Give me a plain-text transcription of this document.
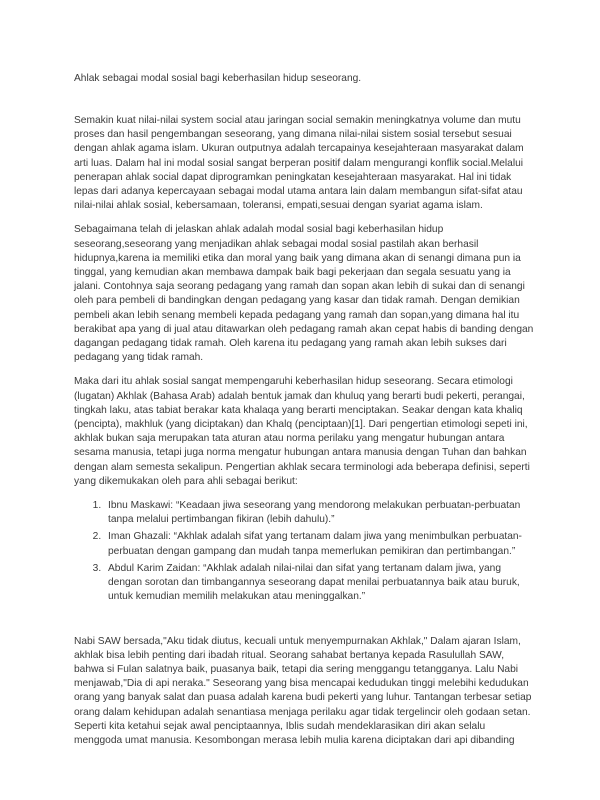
Ahlak sebagai modal sosial bagi keberhasilan hidup seseorang.

Semakin kuat nilai-nilai system social atau jaringan social semakin meningkatnya volume dan mutu proses dan hasil pengembangan seseorang, yang dimana nilai-nilai sistem sosial tersebut sesuai dengan ahlak agama islam. Ukuran outputnya adalah tercapainya kesejahteraan masyarakat dalam arti luas. Dalam hal ini modal sosial sangat berperan positif dalam mengurangi konflik social.Melalui penerapan ahlak social dapat diprogramkan peningkatan kesejahteraan masyarakat. Hal ini tidak lepas dari adanya kepercayaan sebagai modal utama antara lain dalam membangun sifat-sifat atau nilai-nilai ahlak sosial, kebersamaan, toleransi, empati,sesuai dengan syariat agama islam.

Sebagaimana telah di jelaskan ahlak adalah modal sosial bagi keberhasilan hidup seseorang,seseorang yang menjadikan ahlak sebagai modal sosial pastilah akan berhasil hidupnya,karena ia memiliki etika dan moral yang baik yang dimana akan di senangi dimana pun ia tinggal, yang kemudian akan membawa dampak baik bagi pekerjaan dan segala sesuatu yang ia jalani. Contohnya saja seorang pedagang yang ramah dan sopan akan lebih di sukai dan di senangi oleh para pembeli di bandingkan dengan pedagang yang kasar dan tidak ramah. Dengan demikian pembeli akan lebih senang membeli kepada pedagang yang ramah dan sopan,yang dimana hal itu berakibat apa yang di jual atau ditawarkan oleh pedagang ramah akan cepat habis di banding dengan dagangan pedagang tidak ramah. Oleh karena itu pedagang yang ramah akan lebih sukses dari pedagang yang tidak ramah.

Maka dari itu ahlak sosial sangat mempengaruhi keberhasilan hidup seseorang. Secara etimologi (lugatan) Akhlak (Bahasa Arab) adalah bentuk jamak dan khuluq yang berarti budi pekerti, perangai, tingkah laku, atas tabiat berakar kata khalaqa yang berarti menciptakan. Seakar dengan kata khaliq (pencipta), makhluk (yang diciptakan) dan Khalq (penciptaan)[1]. Dari pengertian etimologi sepeti ini, akhlak bukan saja merupakan tata aturan atau norma perilaku yang mengatur hubungan antara sesama manusia, tetapi juga norma mengatur hubungan antara manusia dengan Tuhan dan bahkan dengan alam semesta sekalipun. Pengertian akhlak secara terminologi ada beberapa definisi, seperti yang dikemukakan oleh para ahli sebagai berikut:

1. Ibnu Maskawi: “Keadaan jiwa seseorang yang mendorong melakukan perbuatan-perbuatan tanpa melalui pertimbangan fikiran (lebih dahulu).”
2. Iman Ghazali: “Akhlak adalah sifat yang tertanam dalam jiwa yang menimbulkan perbuatan-perbuatan dengan gampang dan mudah tanpa memerlukan pemikiran dan pertimbangan.”
3. Abdul Karim Zaidan: “Akhlak adalah nilai-nilai dan sifat yang tertanam dalam jiwa, yang dengan sorotan dan timbangannya seseorang dapat menilai perbuatannya baik atau buruk, untuk kemudian memilih melakukan atau meninggalkan.”

Nabi SAW bersada,"Aku tidak diutus, kecuali untuk menyempurnakan Akhlak," Dalam ajaran Islam, akhlak bisa lebih penting dari ibadah ritual. Seorang sahabat bertanya kepada Rasulullah SAW, bahwa si Fulan salatnya baik, puasanya baik, tetapi dia sering menggangu tetangganya. Lalu Nabi menjawab,"Dia di api neraka." Seseorang yang bisa mencapai kedudukan tinggi melebihi kedudukan orang yang banyak salat dan puasa adalah karena budi pekerti yang luhur. Tantangan terbesar setiap orang dalam kehidupan adalah senantiasa menjaga perilaku agar tidak tergelincir oleh godaan setan. Seperti kita ketahui sejak awal penciptaannya, Iblis sudah mendeklarasikan diri akan selalu menggoda umat manusia. Kesombongan merasa lebih mulia karena diciptakan dari api dibanding
